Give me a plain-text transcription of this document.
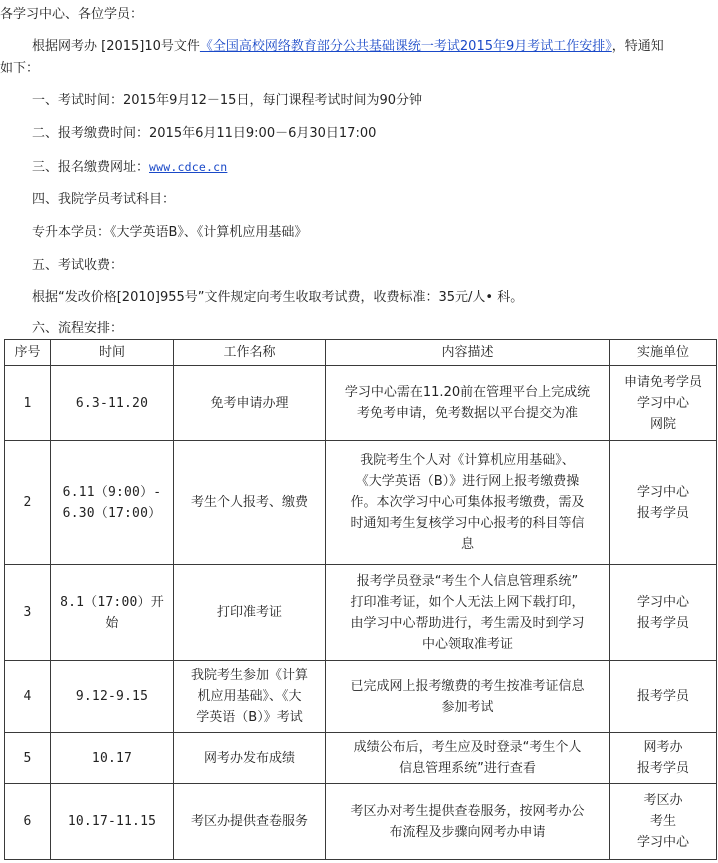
各学习中心、各位学员：
根据网考办 [2015]10号文件《全国高校网络教育部分公共基础课统一考试2015年9月考试工作安排》，特通知
如下：
一、考试时间：2015年9月12－15日，每门课程考试时间为90分钟
二、报考缴费时间：2015年6月11日9:00－6月30日17:00
三、报名缴费网址：www.cdce.cn
四、我院学员考试科目：
专升本学员：《大学英语B》、《计算机应用基础》
五、考试收费：
根据“发改价格[2010]955号”文件规定向考生收取考试费，收费标准：35元/人• 科。
六、流程安排：
序号	时间	工作名称	内容描述	实施单位
1	6.3-11.20	免考申请办理	学习中心需在11.20前在管理平台上完成统
考免考申请，免考数据以平台提交为准	申请免考学员
学习中心
网院
2	6.11（9:00）-
6.30（17:00）	考生个人报考、缴费	我院考生个人对《计算机应用基础》、
《大学英语（B）》进行网上报考缴费操
作。本次学习中心可集体报考缴费，需及
时通知考生复核学习中心报考的科目等信
息	学习中心
报考学员
3	8.1（17:00）开
始	打印准考证	报考学员登录“考生个人信息管理系统”
打印准考证，如个人无法上网下载打印，
由学习中心帮助进行，考生需及时到学习
中心领取准考证	学习中心
报考学员
4	9.12-9.15	我院考生参加《计算
机应用基础》、《大
学英语（B）》考试	已完成网上报考缴费的考生按准考证信息
参加考试	报考学员
5	10.17	网考办发布成绩	成绩公布后，考生应及时登录“考生个人
信息管理系统”进行查看	网考办
报考学员
6	10.17-11.15	考区办提供查卷服务	考区办对考生提供查卷服务，按网考办公
布流程及步骤向网考办申请	考区办
考生
学习中心
